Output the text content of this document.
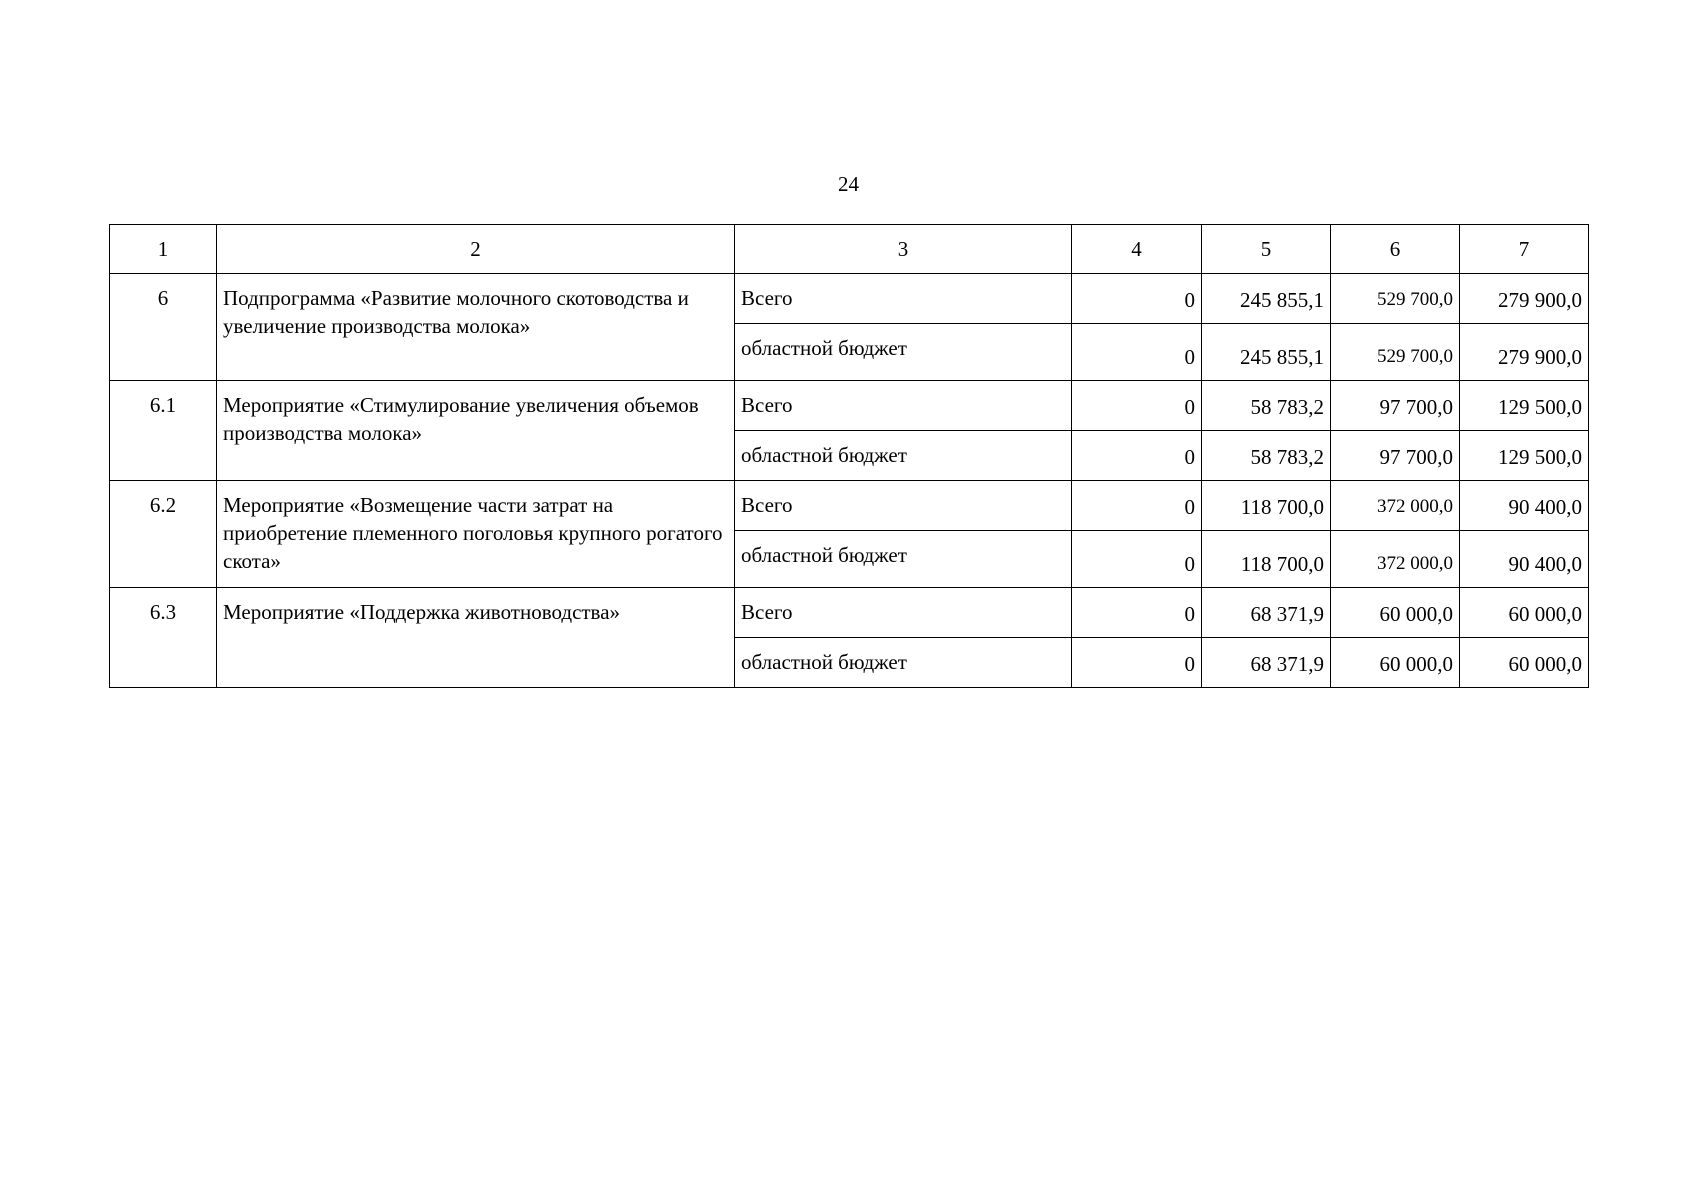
24
1	2	3	4	5	6	7
6	Подпрограмма «Развитие молочного скотоводства и увеличение производства молока»	Всего	0	245 855,1	529 700,0	279 900,0
		областной бюджет	0	245 855,1	529 700,0	279 900,0
6.1	Мероприятие «Стимулирование увеличения объемов производства молока»	Всего	0	58 783,2	97 700,0	129 500,0
		областной бюджет	0	58 783,2	97 700,0	129 500,0
6.2	Мероприятие «Возмещение части затрат на приобретение племенного поголовья крупного рогатого скота»	Всего	0	118 700,0	372 000,0	90 400,0
		областной бюджет	0	118 700,0	372 000,0	90 400,0
6.3	Мероприятие «Поддержка животноводства»	Всего	0	68 371,9	60 000,0	60 000,0
		областной бюджет	0	68 371,9	60 000,0	60 000,0
